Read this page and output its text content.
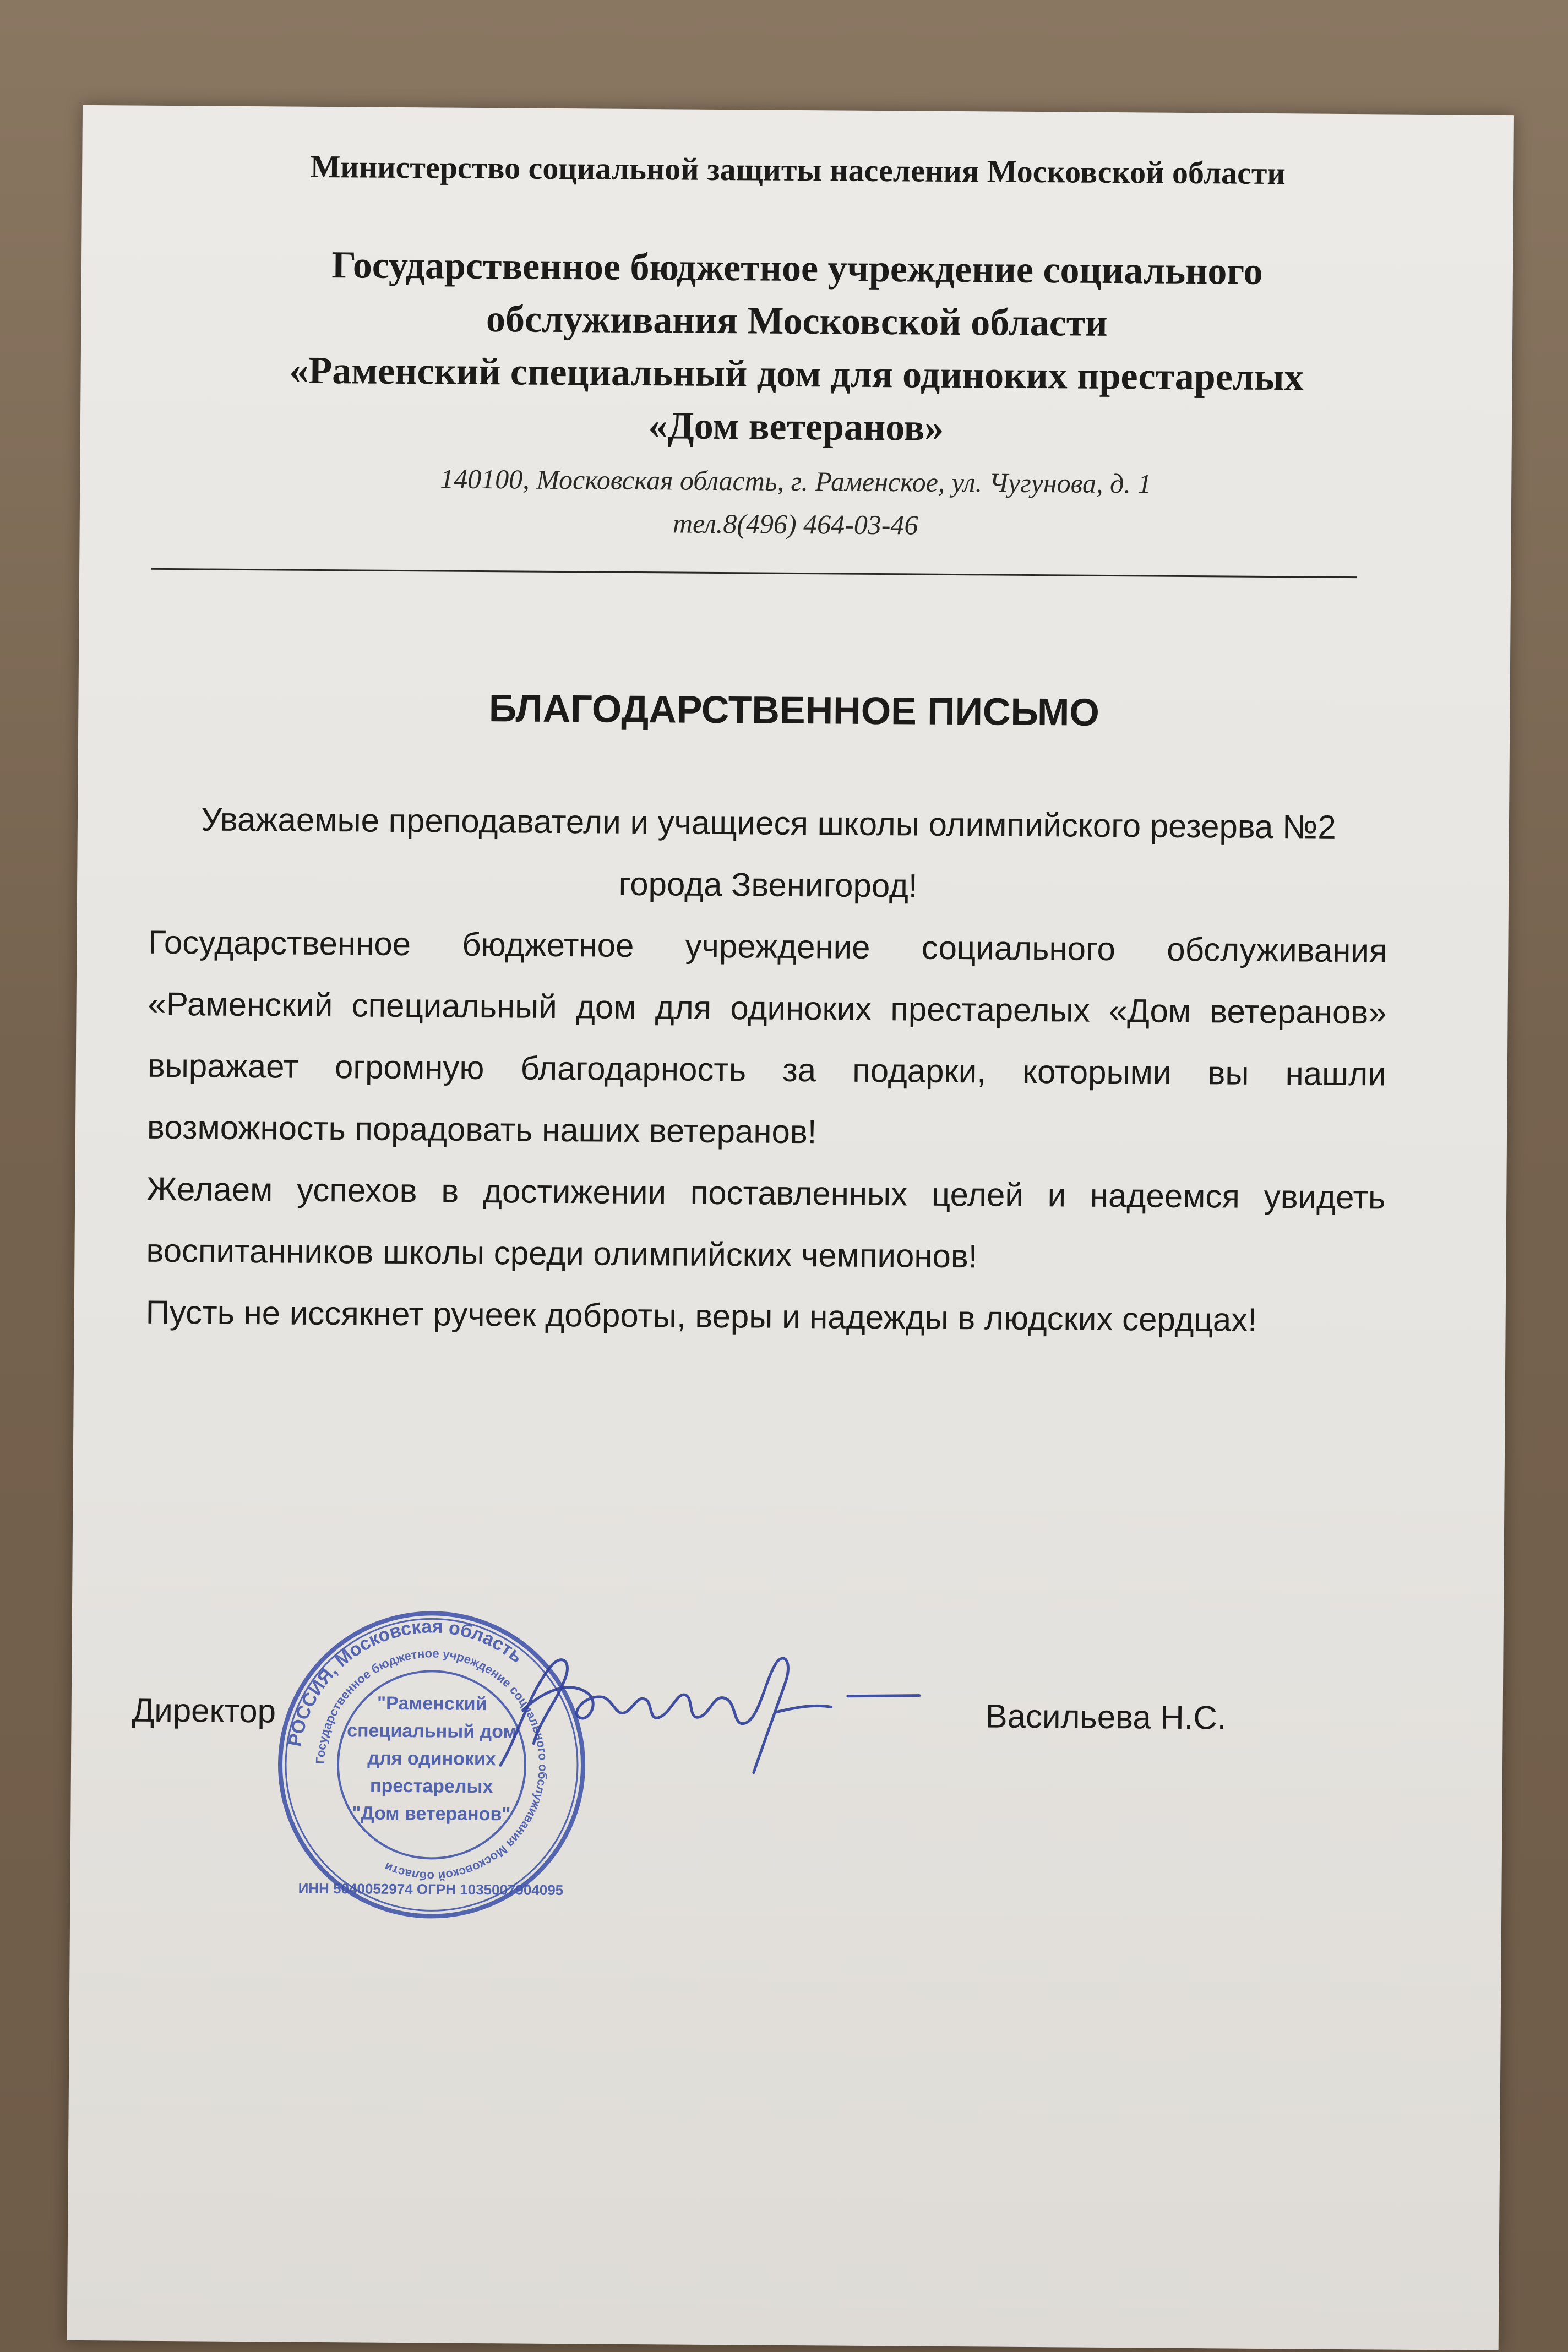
Министерство социальной защиты населения Московской области
Государственное бюджетное учреждение социального
обслуживания Московской области
«Раменский специальный дом для одиноких престарелых
«Дом ветеранов»
140100, Московская область, г. Раменское, ул. Чугунова, д. 1
тел.8(496) 464-03-46
БЛАГОДАРСТВЕННОЕ ПИСЬМО

Уважаемые преподаватели и учащиеся школы олимпийского резерва №2

города Звенигород!

Государственное бюджетное учреждение социального обслуживания «Раменский специальный дом для одиноких престарелых «Дом ветеранов» выражает огромную благодарность за подарки, которыми вы нашли возможность порадовать наших ветеранов!

Желаем успехов в достижении поставленных целей и надеемся увидеть воспитанников школы среди олимпийских чемпионов!

Пусть не иссякнет ручеек доброты, веры и надежды в людских сердцах!

Директор	Васильева Н.С.
РОССИЯ, Московская область
Государственное бюджетное учреждение социального обслуживания Московской области
ИНН 5040052974 ОГРН 1035007904095
"Раменский
специальный дом
для одиноких
престарелых
"Дом ветеранов"
